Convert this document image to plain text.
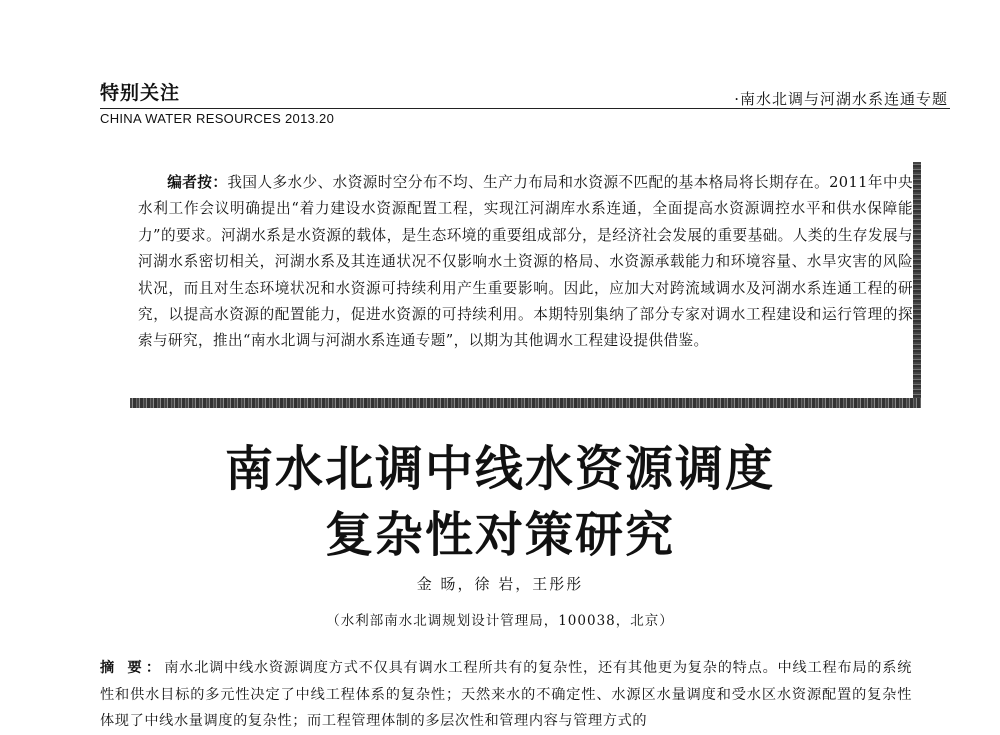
特别关注	·南水北调与河湖水系连通专题
CHINA WATER RESOURCES 2013.20

编者按：我国人多水少、水资源时空分布不均、生产力布局和水资源不匹配的基本格局将长期存在。2011年中央水利工作会议明确提出“着力建设水资源配置工程，实现江河湖库水系连通，全面提高水资源调控水平和供水保障能力”的要求。河湖水系是水资源的载体，是生态环境的重要组成部分，是经济社会发展的重要基础。人类的生存发展与河湖水系密切相关，河湖水系及其连通状况不仅影响水土资源的格局、水资源承载能力和环境容量、水旱灾害的风险状况，而且对生态环境状况和水资源可持续利用产生重要影响。因此，应加大对跨流域调水及河湖水系连通工程的研究，以提高水资源的配置能力，促进水资源的可持续利用。本期特别集纳了部分专家对调水工程建设和运行管理的探索与研究，推出“南水北调与河湖水系连通专题”，以期为其他调水工程建设提供借鉴。

南水北调中线水资源调度
复杂性对策研究
金 旸，徐 岩，王彤彤
（水利部南水北调规划设计管理局，100038，北京）

摘 要：南水北调中线水资源调度方式不仅具有调水工程所共有的复杂性，还有其他更为复杂的特点。中线工程布局的系统性和供水目标的多元性决定了中线工程体系的复杂性；天然来水的不确定性、水源区水量调度和受水区水资源配置的复杂性体现了中线水量调度的复杂性；而工程管理体制的多层次性和管理内容与管理方式的
